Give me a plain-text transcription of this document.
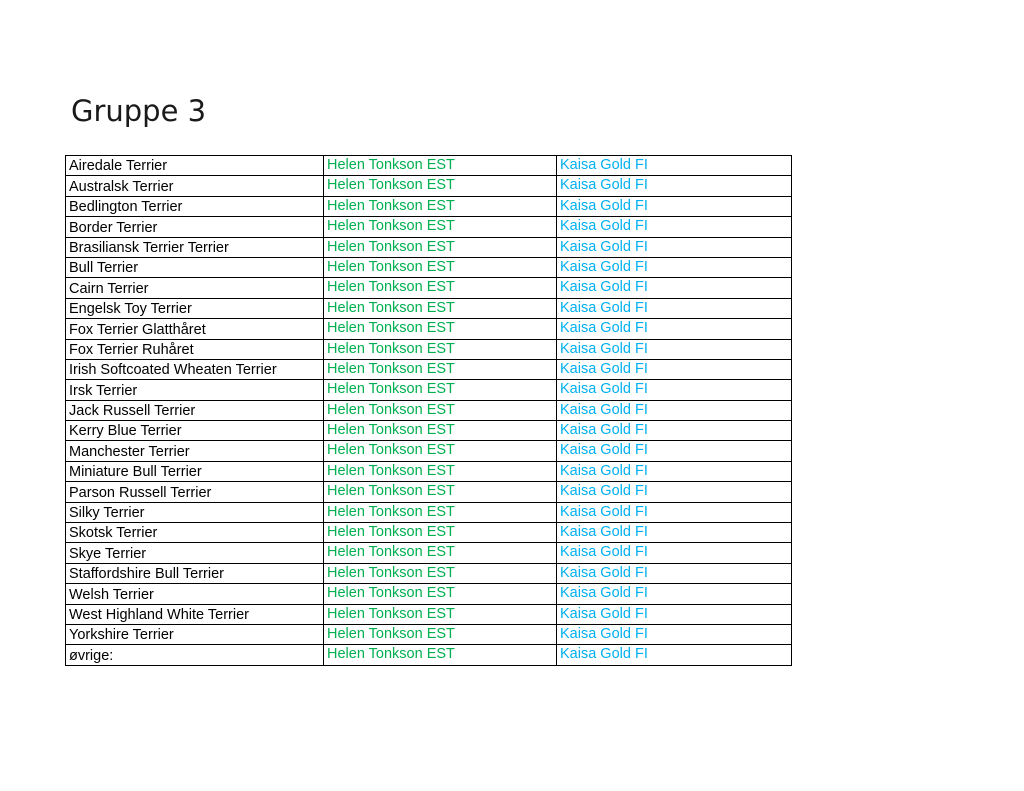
Gruppe 3
Airedale Terrier	Helen Tonkson EST	Kaisa Gold FI
Australsk Terrier	Helen Tonkson EST	Kaisa Gold FI
Bedlington Terrier	Helen Tonkson EST	Kaisa Gold FI
Border Terrier	Helen Tonkson EST	Kaisa Gold FI
Brasiliansk Terrier Terrier	Helen Tonkson EST	Kaisa Gold FI
Bull Terrier	Helen Tonkson EST	Kaisa Gold FI
Cairn Terrier	Helen Tonkson EST	Kaisa Gold FI
Engelsk Toy Terrier	Helen Tonkson EST	Kaisa Gold FI
Fox Terrier Glatthåret	Helen Tonkson EST	Kaisa Gold FI
Fox Terrier Ruhåret	Helen Tonkson EST	Kaisa Gold FI
Irish Softcoated Wheaten Terrier	Helen Tonkson EST	Kaisa Gold FI
Irsk Terrier	Helen Tonkson EST	Kaisa Gold FI
Jack Russell Terrier	Helen Tonkson EST	Kaisa Gold FI
Kerry Blue Terrier	Helen Tonkson EST	Kaisa Gold FI
Manchester Terrier	Helen Tonkson EST	Kaisa Gold FI
Miniature Bull Terrier	Helen Tonkson EST	Kaisa Gold FI
Parson Russell Terrier	Helen Tonkson EST	Kaisa Gold FI
Silky Terrier	Helen Tonkson EST	Kaisa Gold FI
Skotsk Terrier	Helen Tonkson EST	Kaisa Gold FI
Skye Terrier	Helen Tonkson EST	Kaisa Gold FI
Staffordshire Bull Terrier	Helen Tonkson EST	Kaisa Gold FI
Welsh Terrier	Helen Tonkson EST	Kaisa Gold FI
West Highland White Terrier	Helen Tonkson EST	Kaisa Gold FI
Yorkshire Terrier	Helen Tonkson EST	Kaisa Gold FI
øvrige:	Helen Tonkson EST	Kaisa Gold FI
